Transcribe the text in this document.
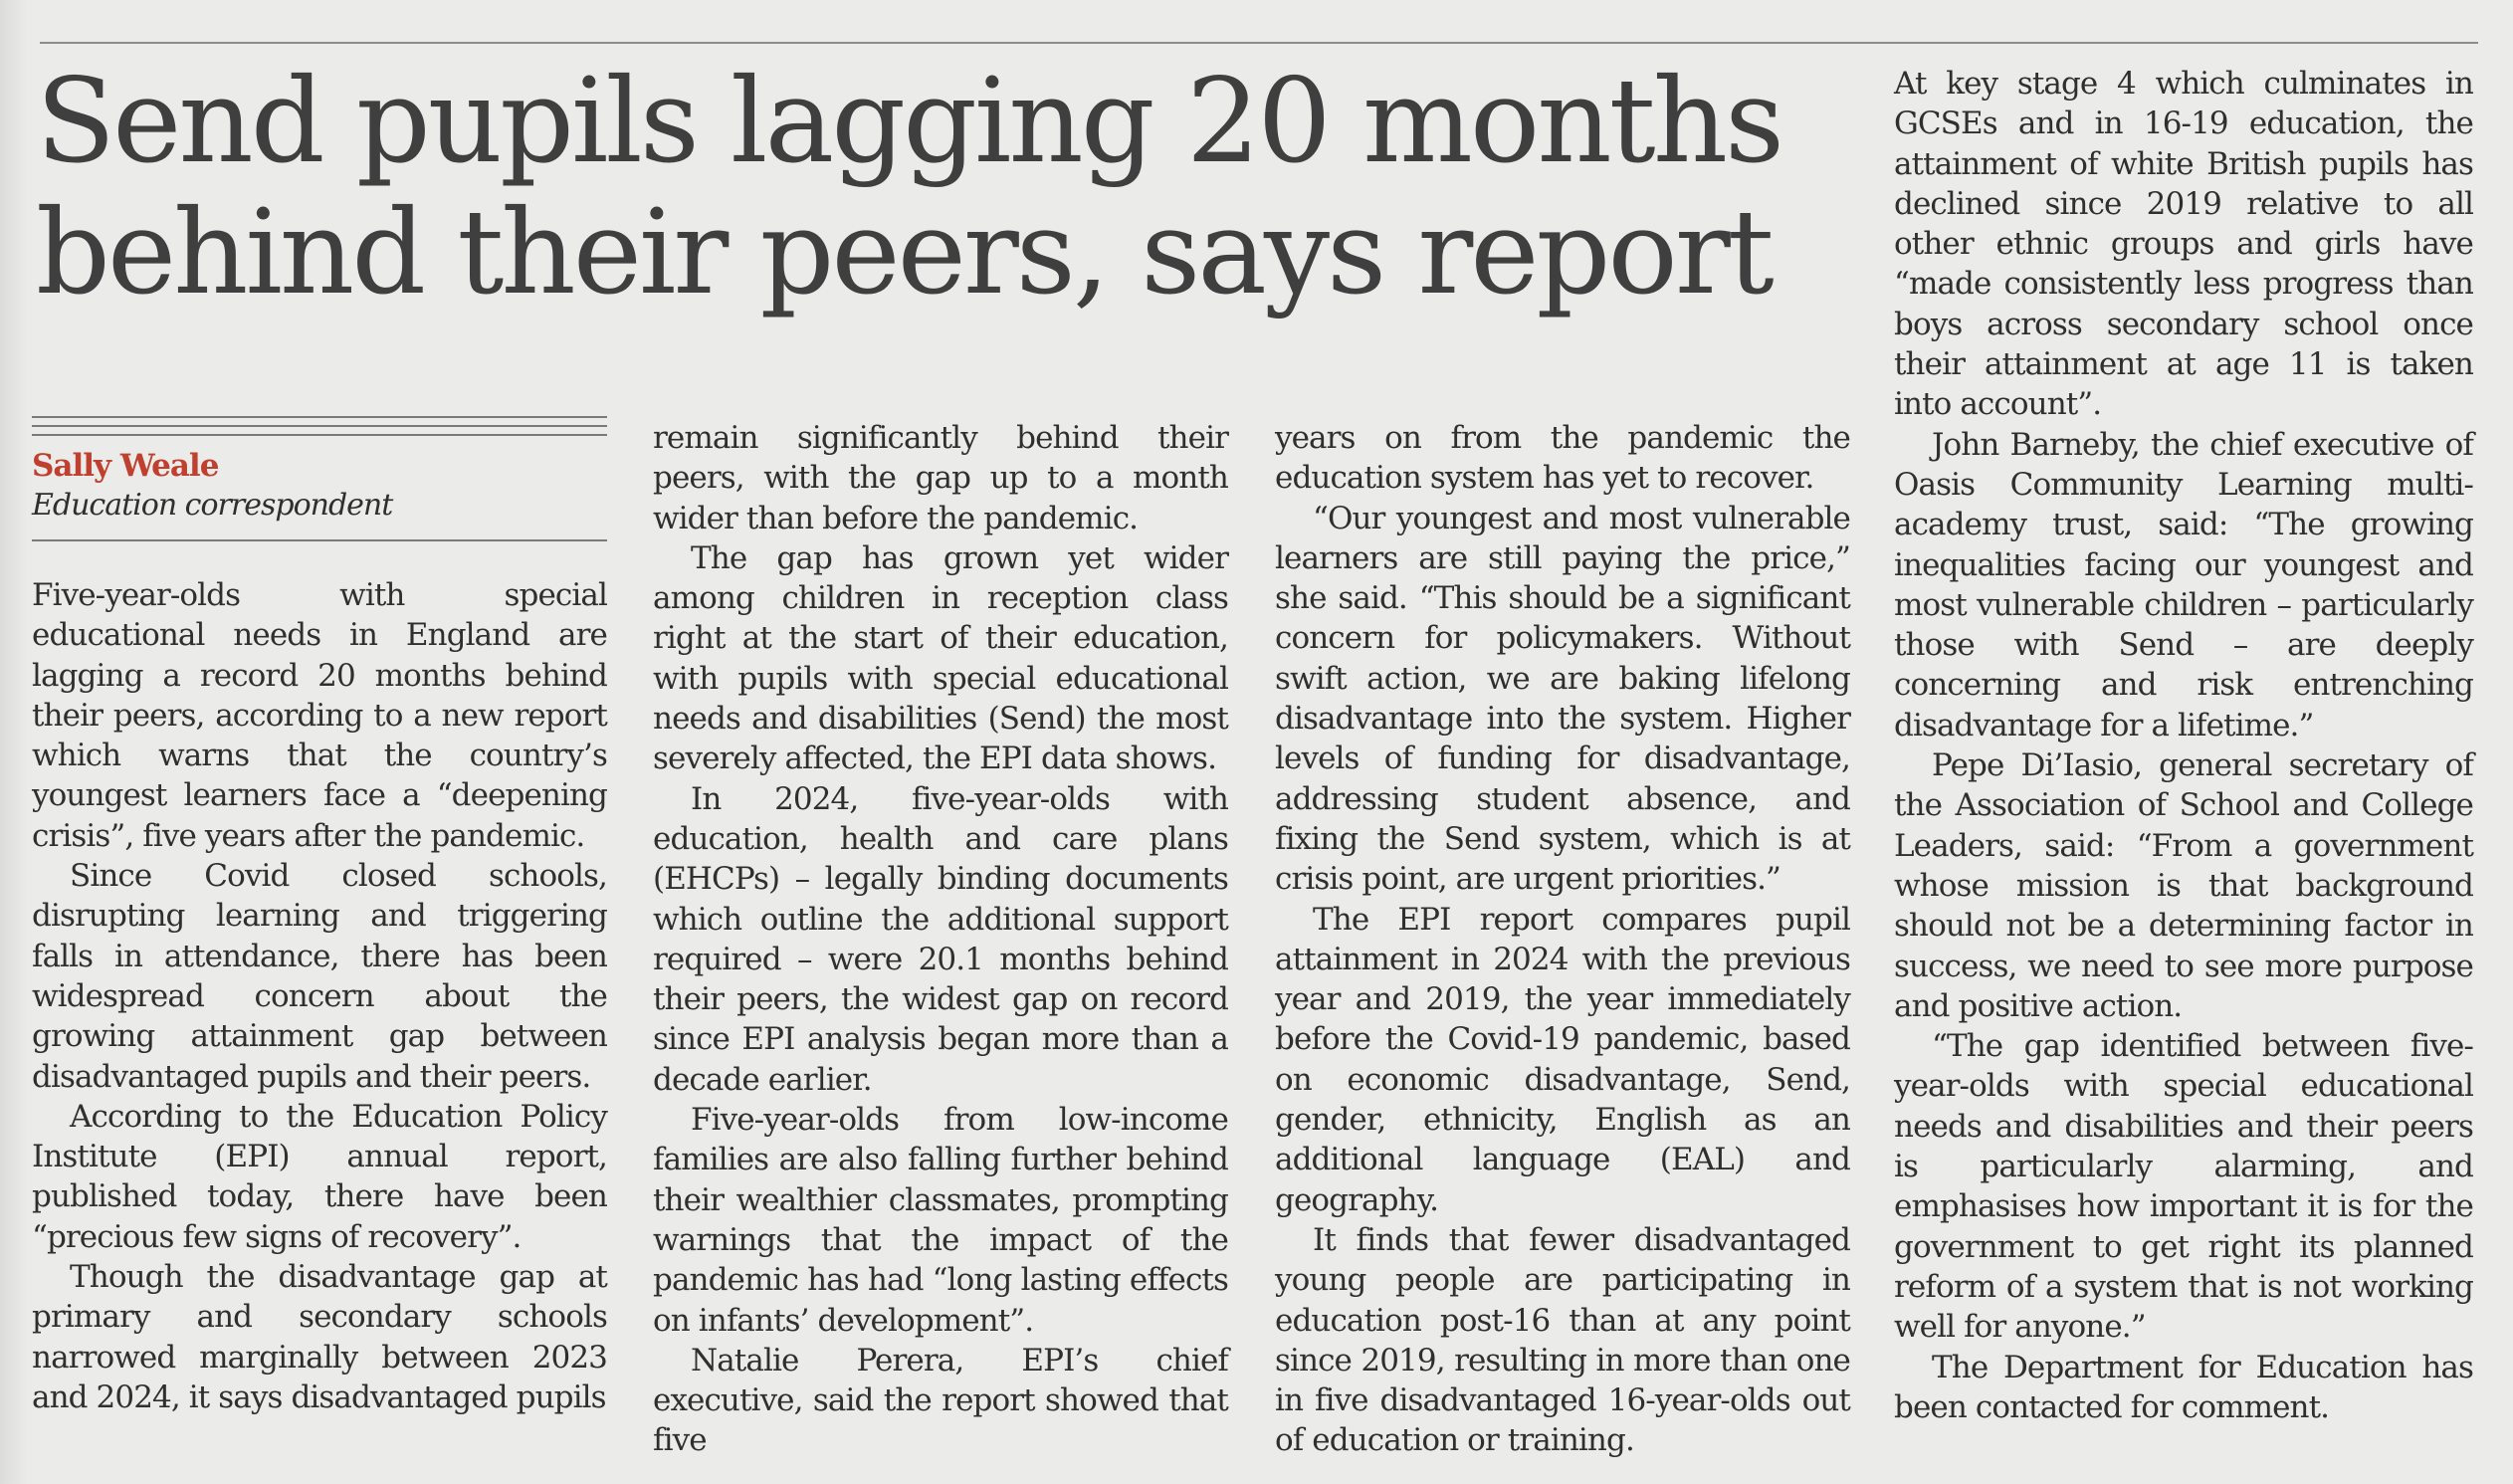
Send pupils lagging 20 months behind their peers, says report
Sally Weale
Education correspondent

Five-year-olds with special educational needs in England are lagging a record 20 months behind their peers, according to a new report which warns that the country’s youngest learners face a “deepening crisis”, five years after the pandemic.

Since Covid closed schools, disrupting learning and triggering falls in attendance, there has been widespread concern about the growing attainment gap between disadvantaged pupils and their peers.

According to the Education Policy Institute (EPI) annual report, published today, there have been “precious few signs of recovery”.

Though the disadvantage gap at primary and secondary schools narrowed marginally between 2023 and 2024, it says disadvantaged pupils

remain significantly behind their peers, with the gap up to a month wider than before the pandemic.

The gap has grown yet wider among children in reception class right at the start of their education, with pupils with special educational needs and disabilities (Send) the most severely affected, the EPI data shows.

In 2024, five-year-olds with education, health and care plans (EHCPs) – legally binding documents which outline the additional support required – were 20.1 months behind their peers, the widest gap on record since EPI analysis began more than a decade earlier.

Five-year-olds from low-income families are also falling further behind their wealthier classmates, prompting warnings that the impact of the pandemic has had “long lasting effects on infants’ development”.

Natalie Perera, EPI’s chief executive, said the report showed that five

years on from the pandemic the education system has yet to recover.

“Our youngest and most vulnerable learners are still paying the price,” she said. “This should be a significant concern for policymakers. Without swift action, we are baking lifelong disadvantage into the system. Higher levels of funding for disadvantage, addressing student absence, and fixing the Send system, which is at crisis point, are urgent priorities.”

The EPI report compares pupil attainment in 2024 with the previous year and 2019, the year immediately before the Covid-19 pandemic, based on economic disadvantage, Send, gender, ethnicity, English as an additional language (EAL) and geography.

It finds that fewer disadvantaged young people are participating in education post-16 than at any point since 2019, resulting in more than one in five disadvantaged 16-year-olds out of education or training.

At key stage 4 which culminates in GCSEs and in 16-19 education, the attainment of white British pupils has declined since 2019 relative to all other ethnic groups and girls have “made consistently less progress than boys across secondary school once their attainment at age 11 is taken into account”.

John Barneby, the chief executive of Oasis Community Learning multi-academy trust, said: “The growing inequalities facing our youngest and most vulnerable children – particularly those with Send – are deeply concerning and risk entrenching disadvantage for a lifetime.”

Pepe Di’Iasio, general secretary of the Association of School and College Leaders, said: “From a government whose mission is that background should not be a determining factor in success, we need to see more purpose and positive action.

“The gap identified between five-year-olds with special educational needs and disabilities and their peers is particularly alarming, and emphasises how important it is for the government to get right its planned reform of a system that is not working well for anyone.”

The Department for Education has been contacted for comment.
